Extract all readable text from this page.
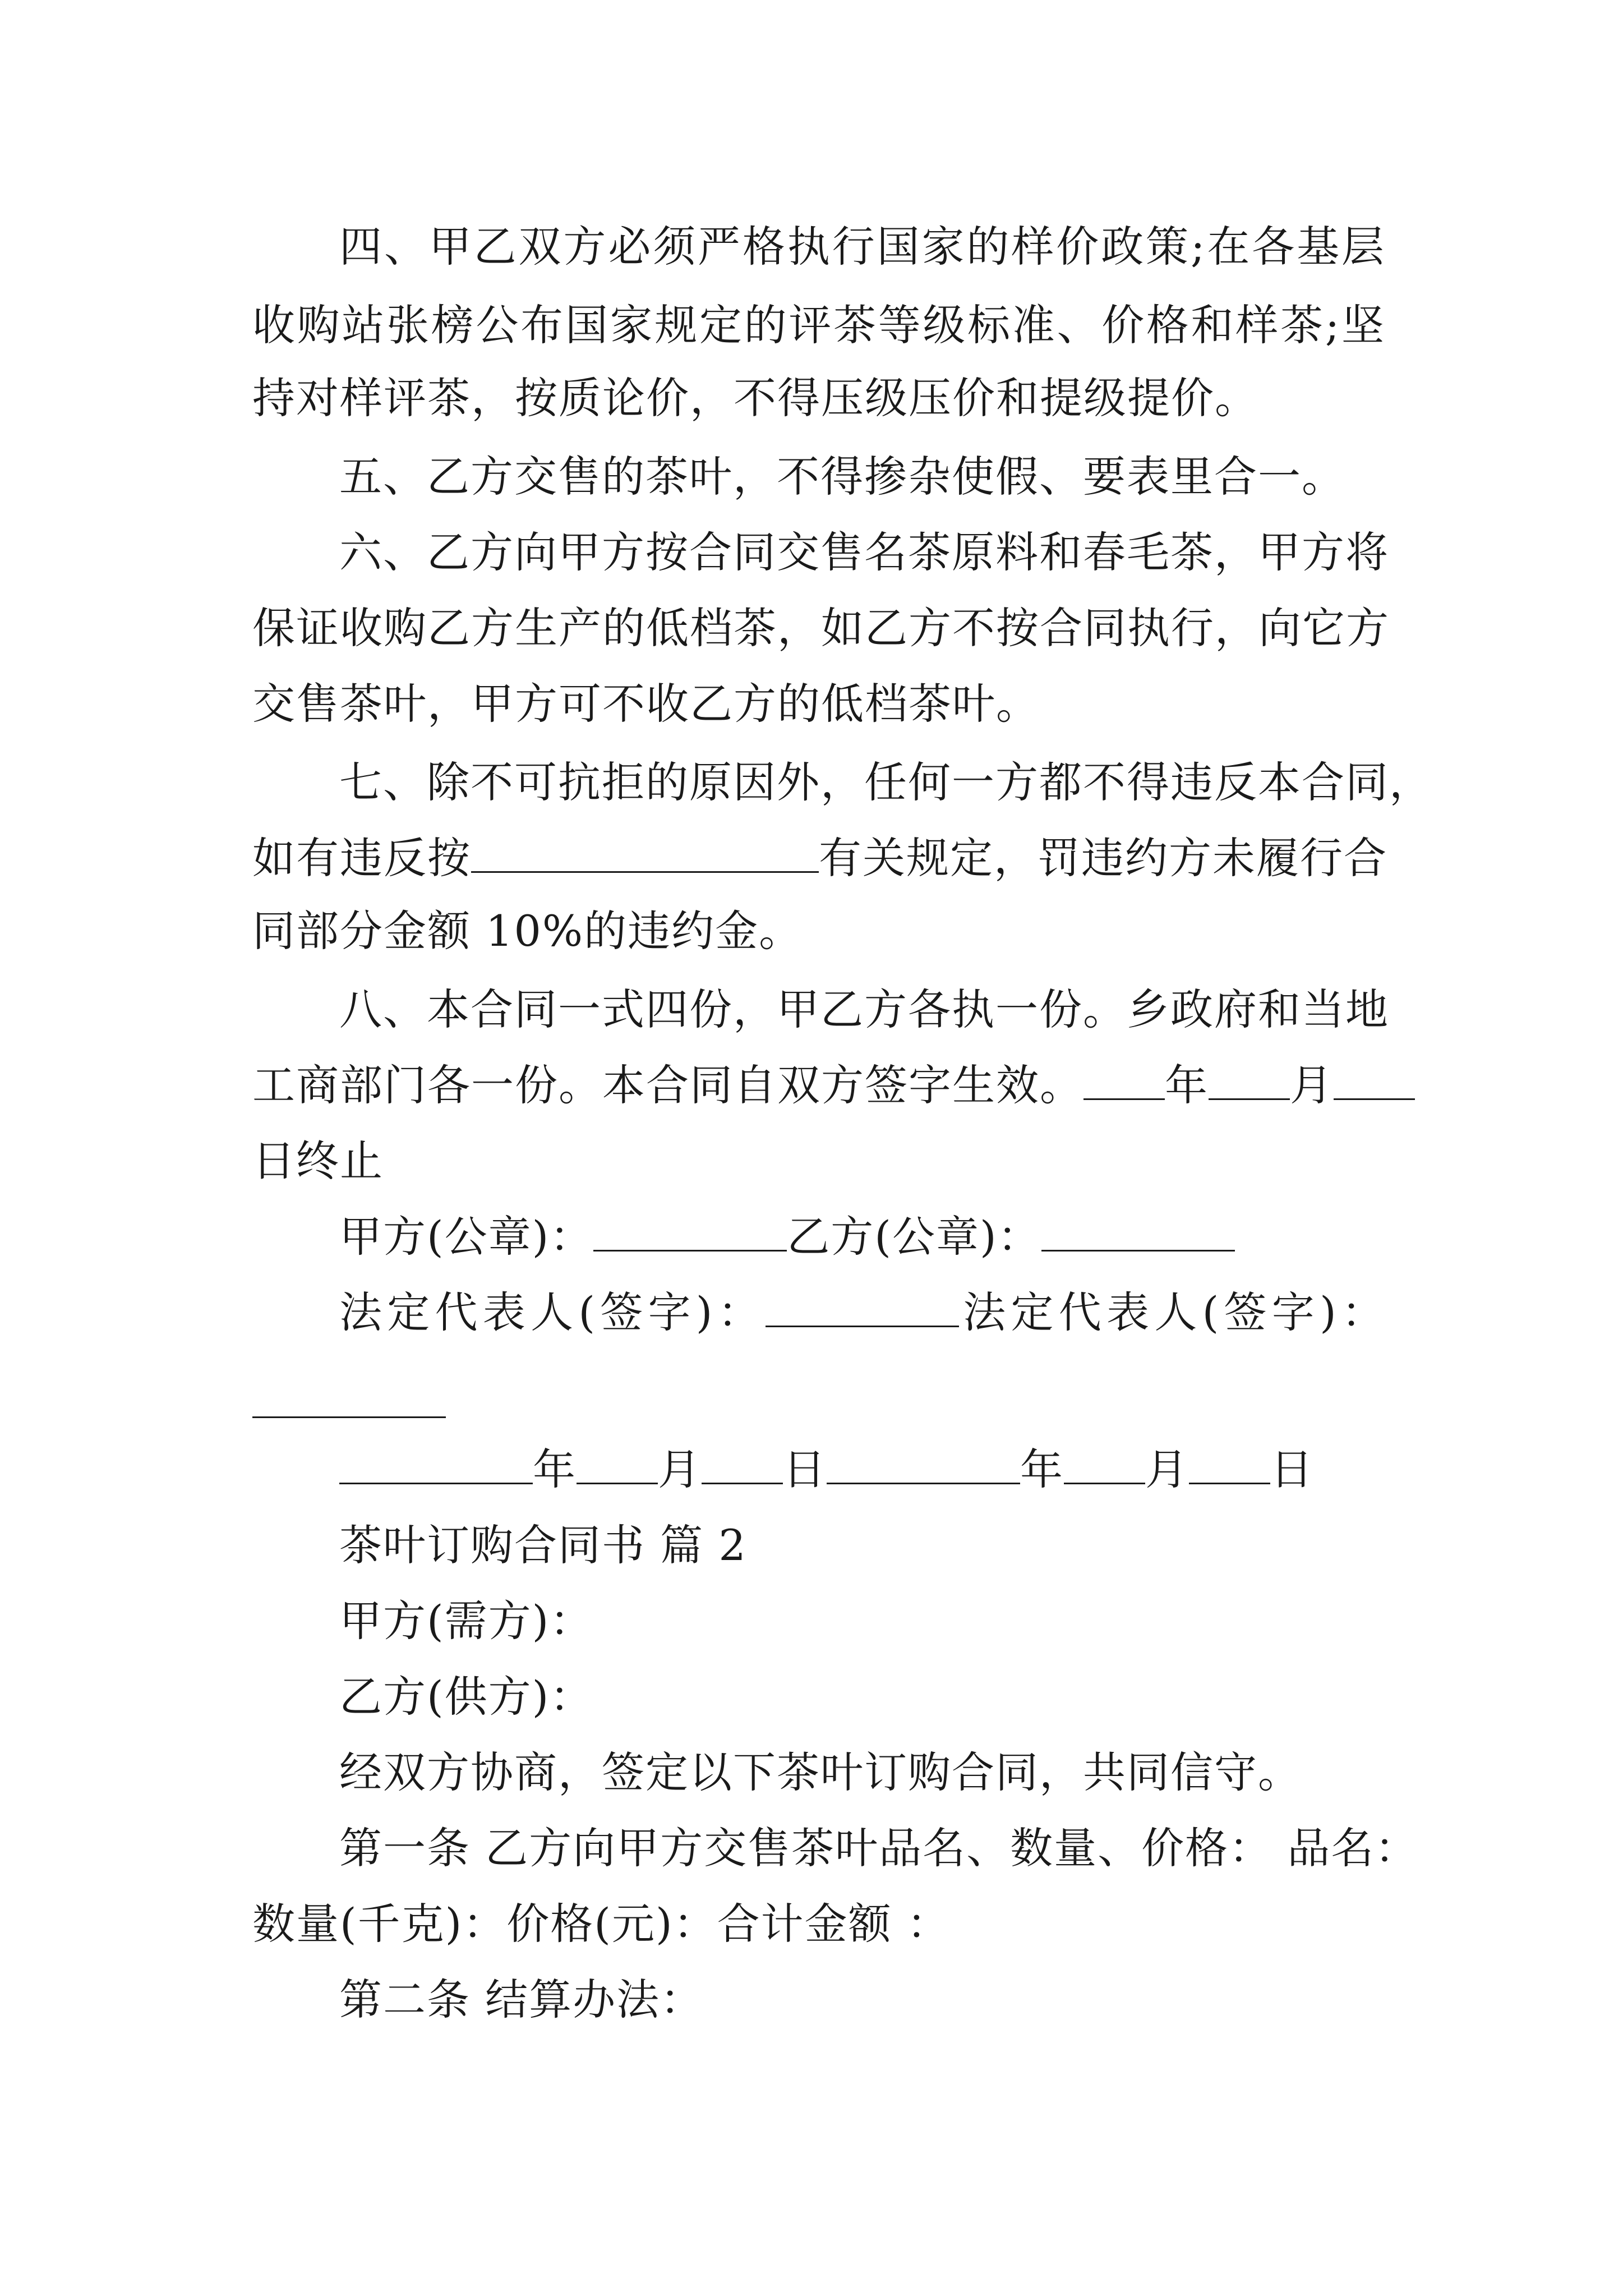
四、甲乙双方必须严格执行国家的样价政策;在各基层
收购站张榜公布国家规定的评茶等级标准、价格和样茶;坚
持对样评茶，按质论价，不得压级压价和提级提价。
五、乙方交售的茶叶，不得掺杂使假、要表里合一。
六、乙方向甲方按合同交售名茶原料和春毛茶，甲方将
保证收购乙方生产的低档茶，如乙方不按合同执行，向它方
交售茶叶，甲方可不收乙方的低档茶叶。
七、除不可抗拒的原因外，任何一方都不得违反本合同，
如有违反按	有关规定，罚违约方未履行合
同部分金额 10%的违约金。
八、本合同一式四份，甲乙方各执一份。乡政府和当地
工商部门各一份。本合同自双方签字生效。 年 月
日终止
甲方(公章)：	乙方(公章)：
法定代表人(签字)：	法定代表人(签字)：
年 月 日	年 月 日
茶叶订购合同书 篇 2
甲方(需方)：
乙方(供方)：
经双方协商，签定以下茶叶订购合同，共同信守。
第一条 乙方向甲方交售茶叶品名、数量、价格： 品名：
数量(千克)：价格(元)：合计金额 ：
第二条 结算办法：
